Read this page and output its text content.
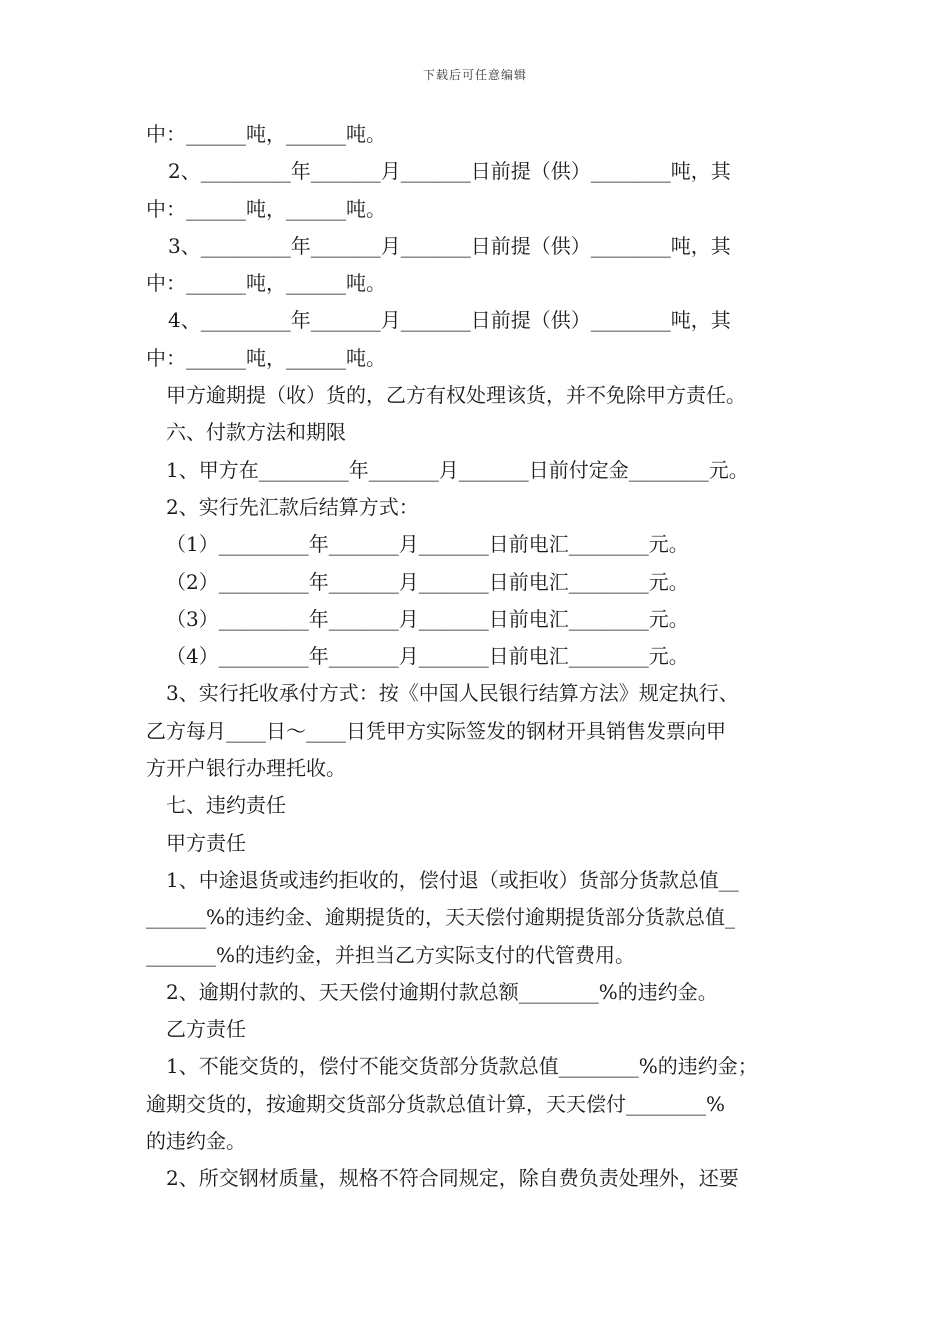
下载后可任意编辑
中：______吨，______吨。
2、_________年_______月_______日前提（供）________吨，其
中：______吨，______吨。
3、_________年_______月_______日前提（供）________吨，其
中：______吨，______吨。
4、_________年_______月_______日前提（供）________吨，其
中：______吨，______吨。
甲方逾期提（收）货的，乙方有权处理该货，并不免除甲方责任。
六、付款方法和期限
1、甲方在_________年_______月_______日前付定金________元。
2、实行先汇款后结算方式：
（1）_________年_______月_______日前电汇________元。
（2）_________年_______月_______日前电汇________元。
（3）_________年_______月_______日前电汇________元。
（4）_________年_______月_______日前电汇________元。
3、实行托收承付方式：按《中国人民银行结算方法》规定执行、
乙方每月____日～____日凭甲方实际签发的钢材开具销售发票向甲
方开户银行办理托收。
七、违约责任
甲方责任
1、中途退货或违约拒收的，偿付退（或拒收）货部分货款总值__
______%的违约金、逾期提货的，天天偿付逾期提货部分货款总值_
_______%的违约金，并担当乙方实际支付的代管费用。
2、逾期付款的、天天偿付逾期付款总额________%的违约金。
乙方责任
1、不能交货的，偿付不能交货部分货款总值________%的违约金；
逾期交货的，按逾期交货部分货款总值计算，天天偿付________%
的违约金。
2、所交钢材质量，规格不符合同规定，除自费负责处理外，还要
